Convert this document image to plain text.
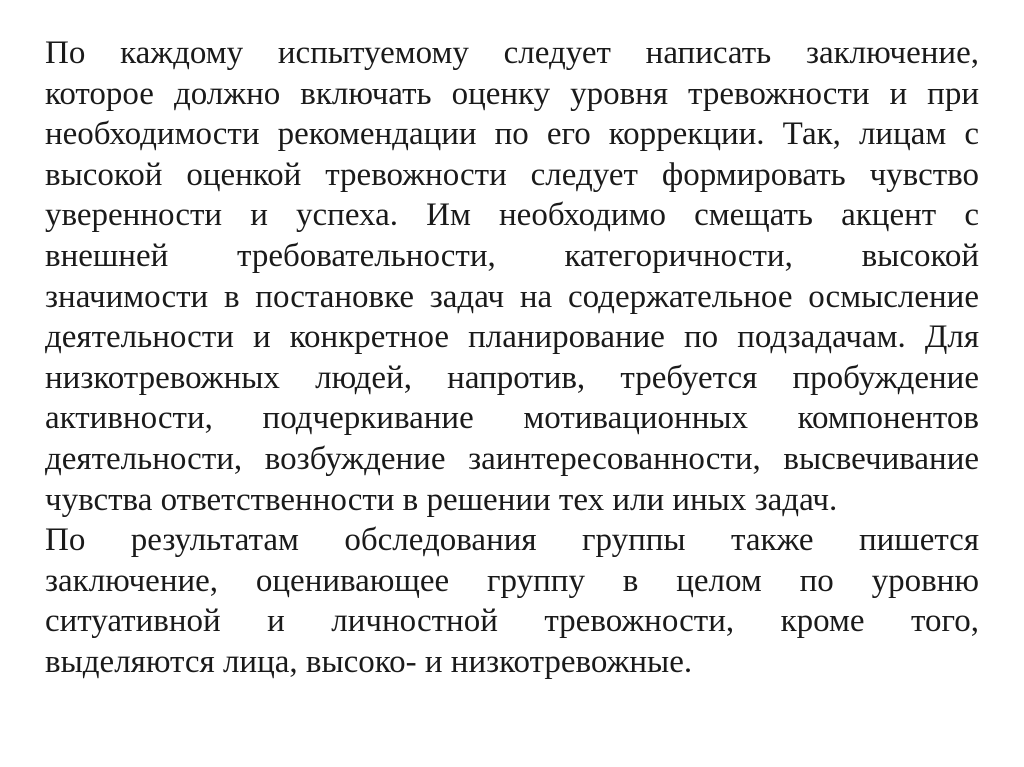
По каждому испытуемому следует написать заключение,
которое должно включать оценку уровня тревожности и при
необходимости рекомендации по его коррекции. Так, лицам с
высокой оценкой тревожности следует формировать чувство
уверенности и успеха. Им необходимо смещать акцент с
внешней требовательности, категоричности, высокой
значимости в постановке задач на содержательное осмысление
деятельности и конкретное планирование по подзадачам. Для
низкотревожных людей, напротив, требуется пробуждение
активности, подчеркивание мотивационных компонентов
деятельности, возбуждение заинтересованности, высвечивание
чувства ответственности в решении тех или иных задач.
По результатам обследования группы также пишется
заключение, оценивающее группу в целом по уровню
ситуативной и личностной тревожности, кроме того,
выделяются лица, высоко- и низкотревожные.
